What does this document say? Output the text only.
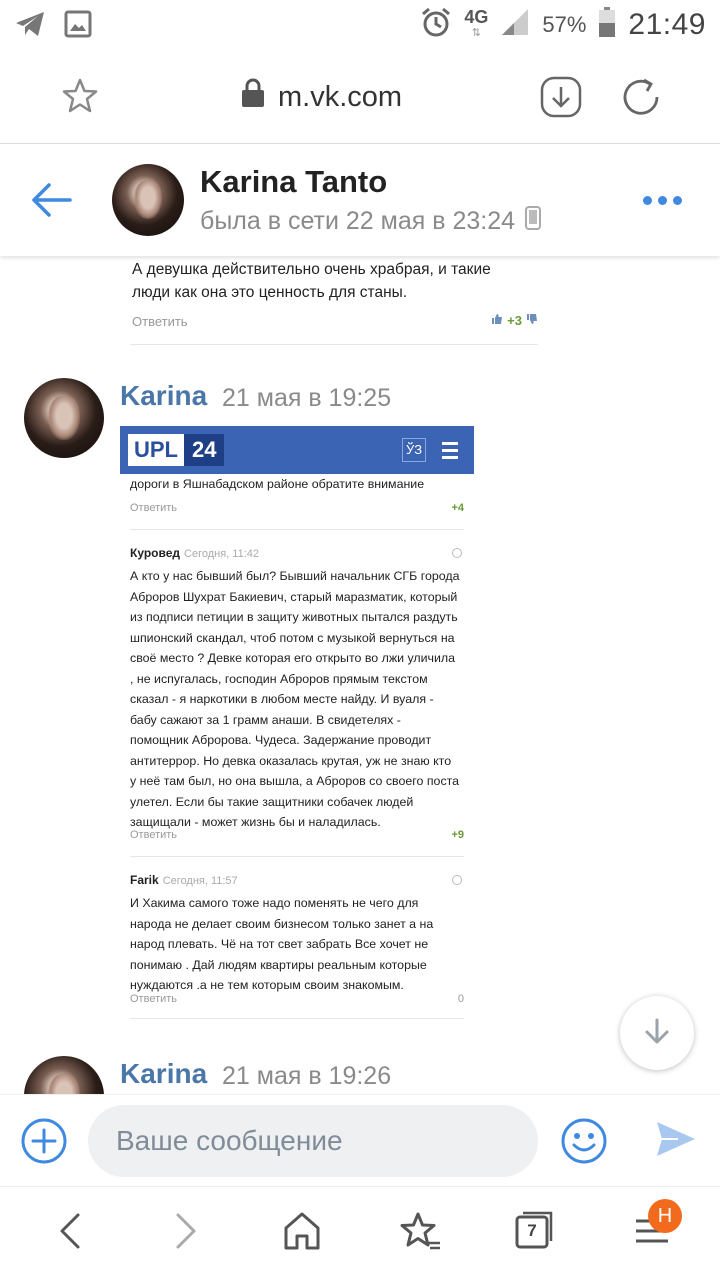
4G
⇅	57% 21:49
m.vk.com
Karina Tanto
была в сети 22 мая в 23:24
А девушка действительно очень храбрая, и такие люди как она это ценность для станы.
Ответить	+3
Karina 21 мая в 19:25
UPL 24	ЎЗ
дороги в Яшнабадском районе обратите внимание
Ответить	+4
Куровед Сегодня, 11:42
А кто у нас бывший был? Бывший начальник СГБ города Аброров Шухрат Бакиевич, старый маразматик, который из подписи петиции в защиту животных пытался раздуть шпионский скандал, чтоб потом с музыкой вернуться на своё место ? Девке которая его открыто во лжи уличила , не испугалась, господин Аброров прямым текстом сказал - я наркотики в любом месте найду. И вуаля - бабу сажают за 1 грамм анаши. В свидетелях - помощник Абророва. Чудеса. Задержание проводит антитеррор. Но девка оказалась крутая, уж не знаю кто у неё там был, но она вышла, а Аброров со своего поста улетел. Если бы такие защитники собачек людей защищали - может жизнь бы и наладилась.
Ответить	+9
Farik Сегодня, 11:57
И Хакима самого тоже надо поменять не чего для народа не делает своим бизнесом только занет а на народ плевать. Чё на тот свет забрать Все хочет не понимаю . Дай людям квартиры реальным которые нуждаются .а не тем которым своим знакомым.
Ответить	0
Karina 21 мая в 19:26
Ваше сообщение
7
Н
